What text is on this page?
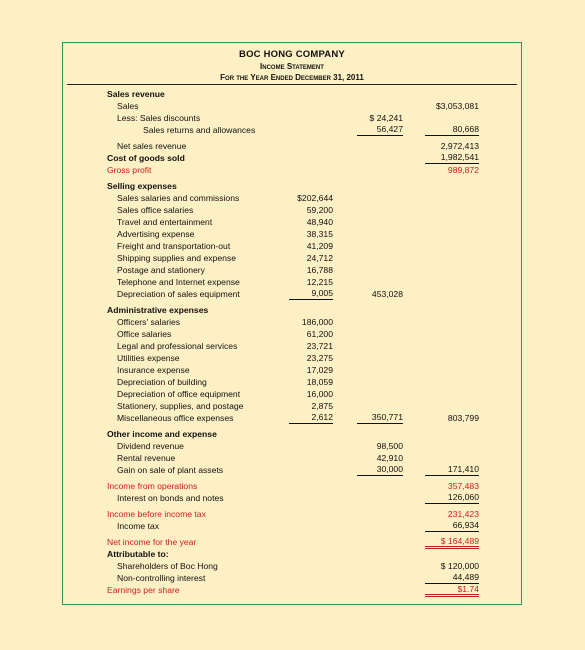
BOC HONG COMPANY
Income Statement
For the Year Ended December 31, 2011
Sales revenue
Sales	$3,053,081
Less: Sales discounts	$ 24,241
Sales returns and allowances	56,427	80,668
Net sales revenue	2,972,413
Cost of goods sold	1,982,541
Gross profit	989,872
Selling expenses
Sales salaries and commissions	$202,644
Sales office salaries	59,200
Travel and entertainment	48,940
Advertising expense	38,315
Freight and transportation-out	41,209
Shipping supplies and expense	24,712
Postage and stationery	16,788
Telephone and Internet expense	12,215
Depreciation of sales equipment	9,005	453,028
Administrative expenses
Officers' salaries	186,000
Office salaries	61,200
Legal and professional services	23,721
Utilities expense	23,275
Insurance expense	17,029
Depreciation of building	18,059
Depreciation of office equipment	16,000
Stationery, supplies, and postage	2,875
Miscellaneous office expenses	2,612	350,771	803,799
Other income and expense
Dividend revenue	98,500
Rental revenue	42,910
Gain on sale of plant assets	30,000	171,410
Income from operations	357,483
Interest on bonds and notes	126,060
Income before income tax	231,423
Income tax	66,934
Net income for the year	$ 164,489
Attributable to:
Shareholders of Boc Hong	$ 120,000
Non-controlling interest	44,489
Earnings per share	$1.74
